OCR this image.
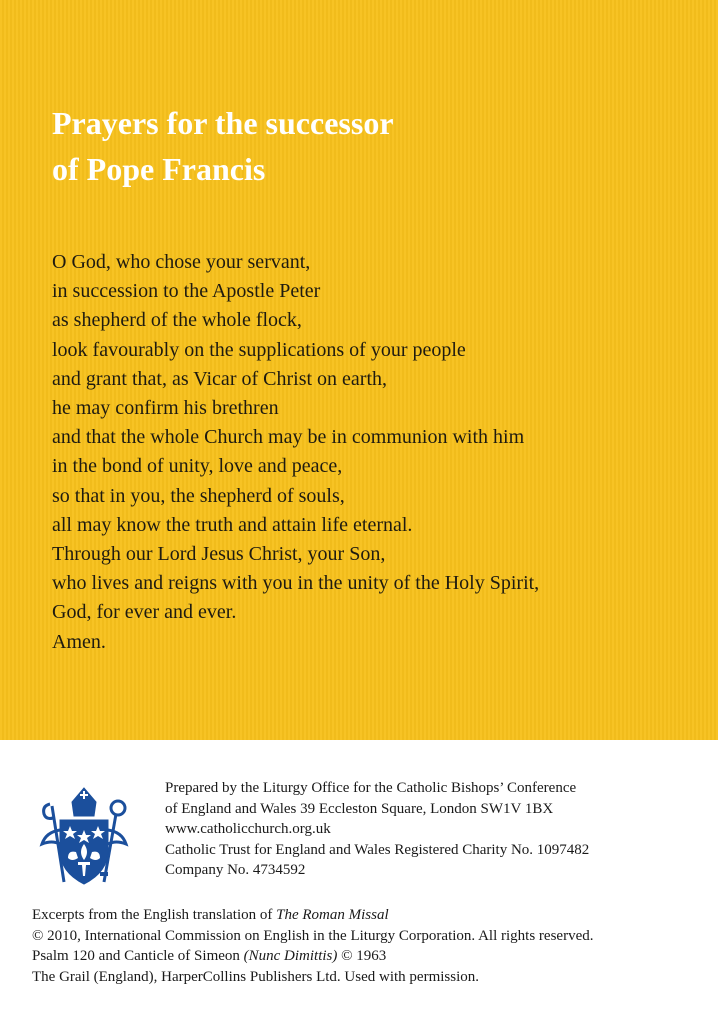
Prayers for the successor
of Pope Francis
O God, who chose your servant,
in succession to the Apostle Peter
as shepherd of the whole flock,
look favourably on the supplications of your people
and grant that, as Vicar of Christ on earth,
he may confirm his brethren
and that the whole Church may be in communion with him
in the bond of unity, love and peace,
so that in you, the shepherd of souls,
all may know the truth and attain life eternal.
Through our Lord Jesus Christ, your Son,
who lives and reigns with you in the unity of the Holy Spirit,
God, for ever and ever.
Amen.
Prepared by the Liturgy Office for the Catholic Bishops’ Conference
of England and Wales 39 Eccleston Square, London SW1V 1BX
www.catholicchurch.org.uk
Catholic Trust for England and Wales Registered Charity No. 1097482
Company No. 4734592
Excerpts from the English translation of The Roman Missal
© 2010, International Commission on English in the Liturgy Corporation. All rights reserved.
Psalm 120 and Canticle of Simeon (Nunc Dimittis) © 1963
The Grail (England), HarperCollins Publishers Ltd. Used with permission.
